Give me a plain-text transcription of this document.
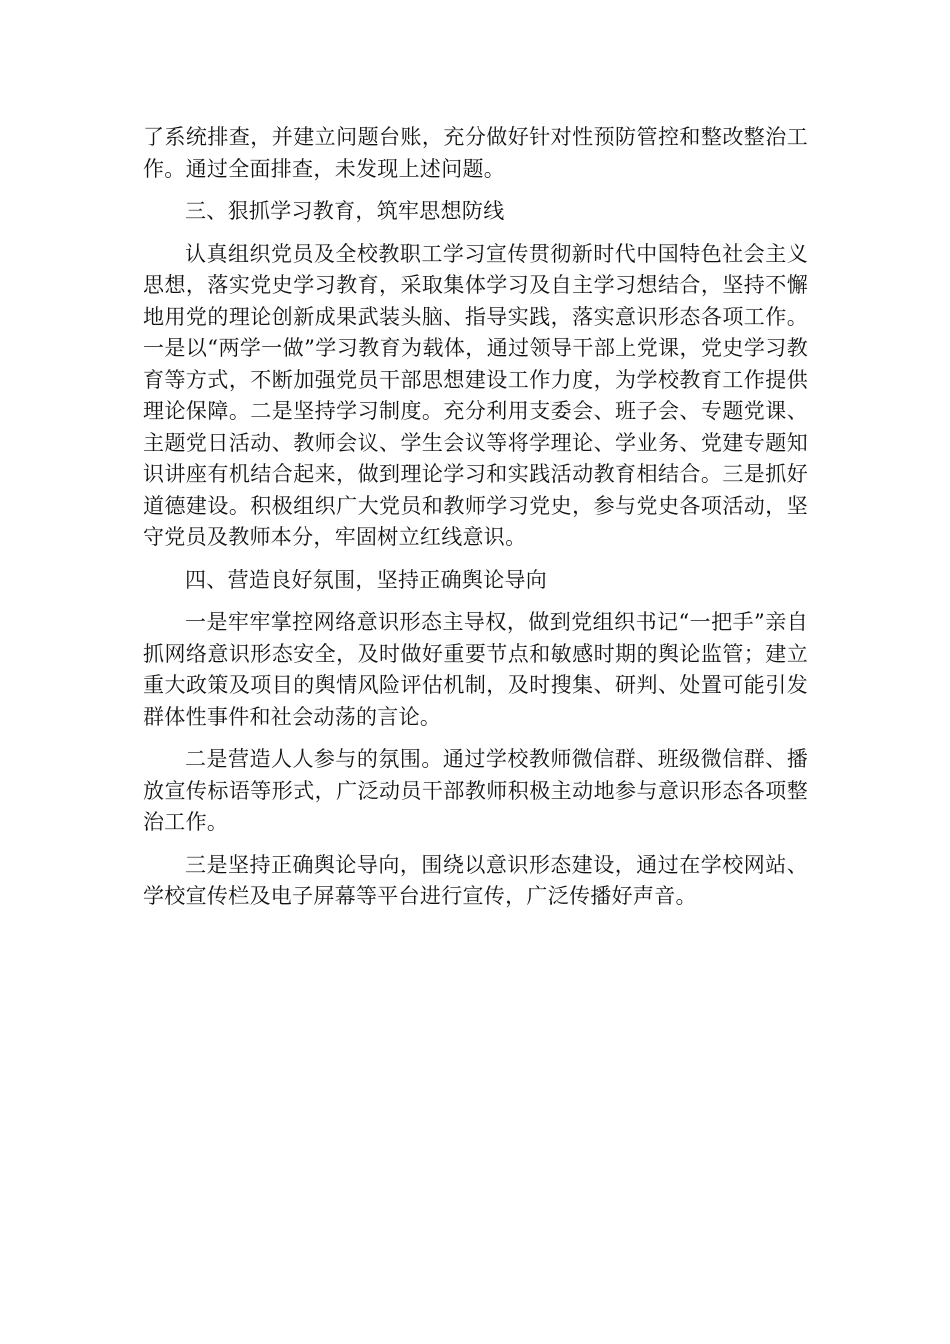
了系统排查，并建立问题台账，充分做好针对性预防管控和整改整治工作。通过全面排查，未发现上述问题。

三、狠抓学习教育，筑牢思想防线

认真组织党员及全校教职工学习宣传贯彻新时代中国特色社会主义思想，落实党史学习教育，采取集体学习及自主学习想结合，坚持不懈地用党的理论创新成果武装头脑、指导实践，落实意识形态各项工作。一是以“两学一做”学习教育为载体，通过领导干部上党课，党史学习教育等方式，不断加强党员干部思想建设工作力度，为学校教育工作提供理论保障。二是坚持学习制度。充分利用支委会、班子会、专题党课、主题党日活动、教师会议、学生会议等将学理论、学业务、党建专题知识讲座有机结合起来，做到理论学习和实践活动教育相结合。三是抓好道德建设。积极组织广大党员和教师学习党史，参与党史各项活动，坚守党员及教师本分，牢固树立红线意识。

四、营造良好氛围，坚持正确舆论导向

一是牢牢掌控网络意识形态主导权，做到党组织书记“一把手”亲自抓网络意识形态安全，及时做好重要节点和敏感时期的舆论监管；建立重大政策及项目的舆情风险评估机制，及时搜集、研判、处置可能引发群体性事件和社会动荡的言论。

二是营造人人参与的氛围。通过学校教师微信群、班级微信群、播放宣传标语等形式，广泛动员干部教师积极主动地参与意识形态各项整治工作。

三是坚持正确舆论导向，围绕以意识形态建设，通过在学校网站、学校宣传栏及电子屏幕等平台进行宣传，广泛传播好声音。
